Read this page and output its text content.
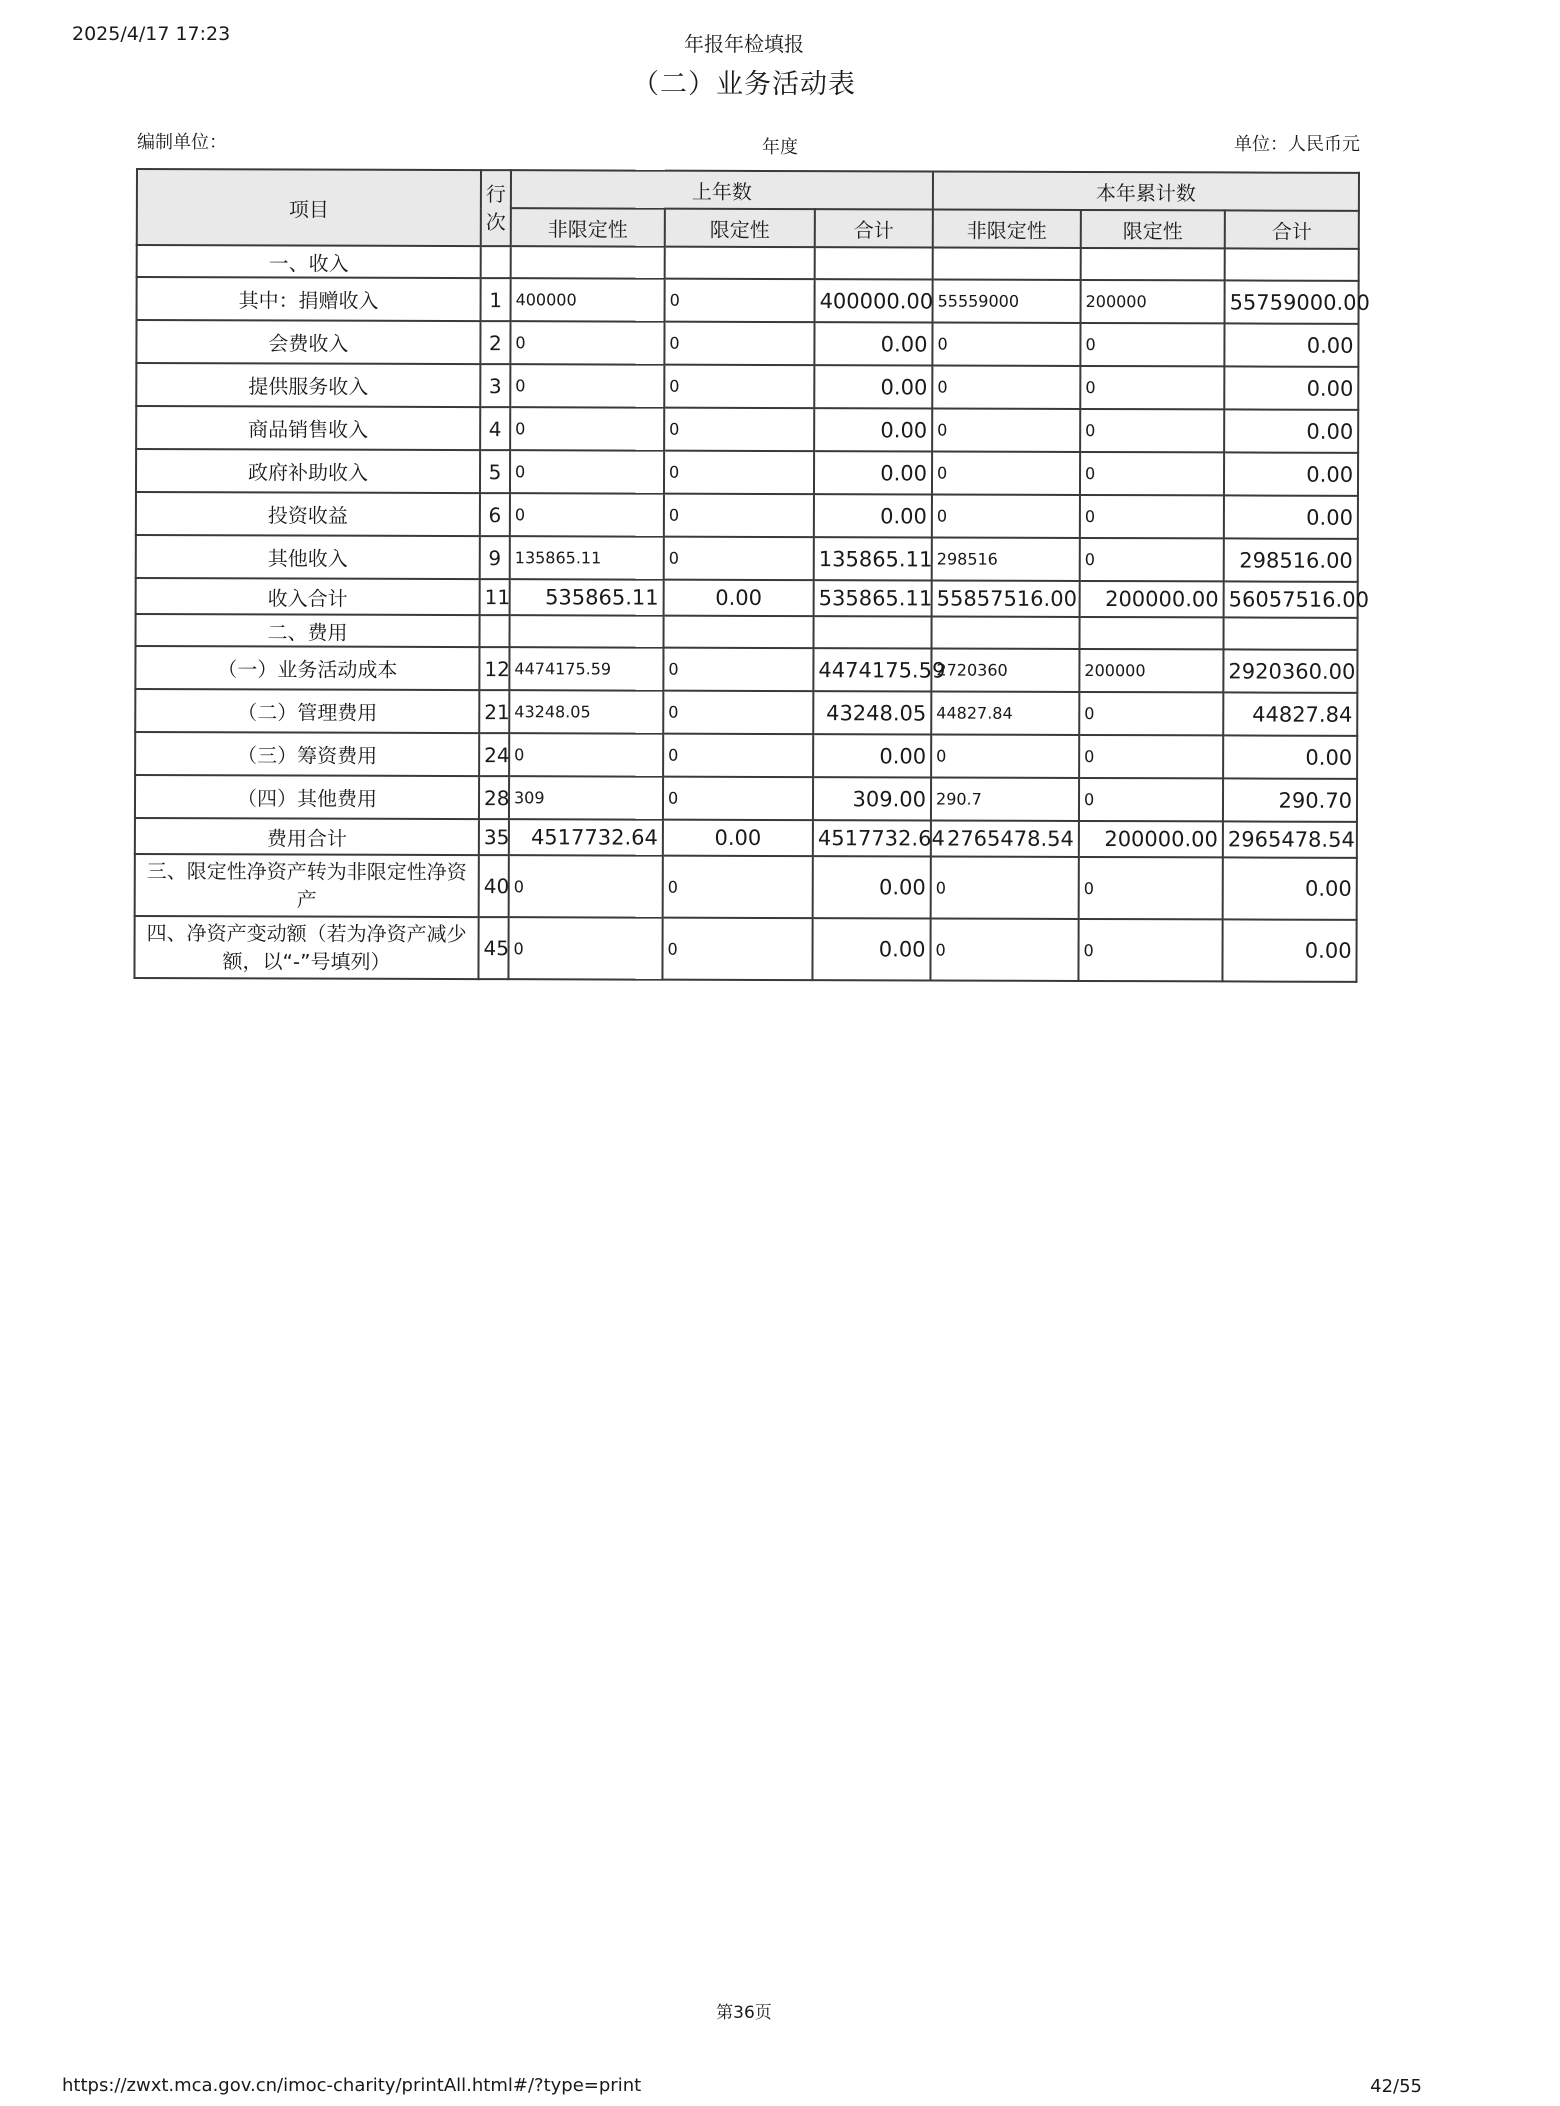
2025/4/17 17:23	年报年检填报
（二）业务活动表
编制单位：	年度	单位：人民币元
项目	行次	上年数			本年累计数		
		非限定性	限定性	合计	非限定性	限定性	合计
一、收入							
其中：捐赠收入	1	400000	0	400000.00	55559000	200000	55759000.00
会费收入	2	0	0	0.00	0	0	0.00
提供服务收入	3	0	0	0.00	0	0	0.00
商品销售收入	4	0	0	0.00	0	0	0.00
政府补助收入	5	0	0	0.00	0	0	0.00
投资收益	6	0	0	0.00	0	0	0.00
其他收入	9	135865.11	0	135865.11	298516	0	298516.00
收入合计	11	535865.11	0.00	535865.11	55857516.00	200000.00	56057516.00
二、费用							
（一）业务活动成本	12	4474175.59	0	4474175.59	2720360	200000	2920360.00
（二）管理费用	21	43248.05	0	43248.05	44827.84	0	44827.84
（三）筹资费用	24	0	0	0.00	0	0	0.00
（四）其他费用	28	309	0	309.00	290.7	0	290.70
费用合计	35	4517732.64	0.00	4517732.64	2765478.54	200000.00	2965478.54
三、限定性净资产转为非限定性净资产	40	0	0	0.00	0	0	0.00
四、净资产变动额（若为净资产减少额，以“-”号填列）	45	0	0	0.00	0	0	0.00
第36页
https://zwxt.mca.gov.cn/imoc-charity/printAll.html#/?type=print	42/55
